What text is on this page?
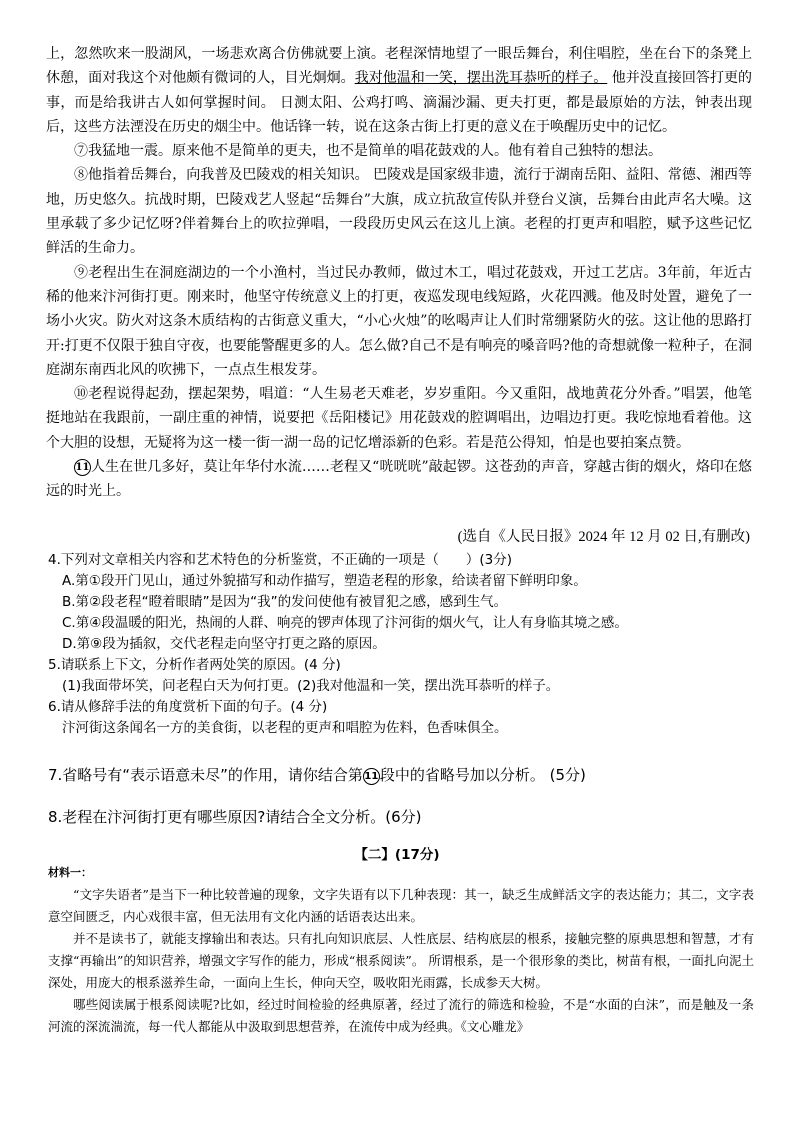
上，忽然吹来一股湖风，一场悲欢离合仿佛就要上演。老程深情地望了一眼岳舞台，利住唱腔，坐在台下的条凳上休憩，面对我这个对他颇有微词的人，目光炯炯。我对他温和一笑，摆出洗耳恭听的样子。 他并没直接回答打更的事，而是给我讲古人如何掌握时间。 日测太阳、公鸡打鸣、滴漏沙漏、更夫打更，都是最原始的方法，钟表出现后，这些方法湮没在历史的烟尘中。他话锋一转，说在这条古街上打更的意义在于唤醒历史中的记忆。

⑦我猛地一震。原来他不是简单的更夫，也不是简单的唱花鼓戏的人。他有着自己独特的想法。

⑧他指着岳舞台，向我普及巴陵戏的相关知识。 巴陵戏是国家级非遗，流行于湖南岳阳、益阳、常德、湘西等地，历史悠久。抗战时期，巴陵戏艺人竖起“岳舞台”大旗，成立抗敌宣传队并登台义演，岳舞台由此声名大噪。这里承载了多少记忆呀?伴着舞台上的吹拉弹唱，一段段历史风云在这儿上演。老程的打更声和唱腔，赋予这些记忆鲜活的生命力。

⑨老程出生在洞庭湖边的一个小渔村，当过民办教师，做过木工，唱过花鼓戏，开过工艺店。3年前，年近古稀的他来汴河街打更。刚来时，他坚守传统意义上的打更，夜巡发现电线短路，火花四溅。他及时处置，避免了一场小火灾。防火对这条木质结构的古街意义重大，“小心火烛”的吆喝声让人们时常绷紧防火的弦。这让他的思路打开:打更不仅限于独自守夜，也要能警醒更多的人。怎么做?自己不是有响亮的嗓音吗?他的奇想就像一粒种子，在洞庭湖东南西北风的吹拂下，一点点生根发芽。

⑩老程说得起劲，摆起架势，唱道：“人生易老天难老，岁岁重阳。今又重阳，战地黄花分外香。”唱罢，他笔挺地站在我跟前，一副庄重的神情，说要把《岳阳楼记》用花鼓戏的腔调唱出，边唱边打更。我吃惊地看着他。这个大胆的设想，无疑将为这一楼一街一湖一岛的记忆增添新的色彩。若是范公得知，怕是也要拍案点赞。

11 人生在世几多好，莫让年华付水流……老程又“咣咣咣”敲起锣。这苍劲的声音，穿越古街的烟火，烙印在悠远的时光上。

(选自《人民日报》2024 年 12 月 02 日,有删改)

4.下列对文章相关内容和艺术特色的分析鉴赏，不正确的一项是（　　）(3分)

A.第①段开门见山，通过外貌描写和动作描写，塑造老程的形象，给读者留下鲜明印象。

B.第②段老程“瞪着眼睛”是因为“我”的发问使他有被冒犯之感，感到生气。

C.第④段温暖的阳光，热闹的人群、响亮的锣声体现了汴河街的烟火气，让人有身临其境之感。

D.第⑨段为插叙，交代老程走向坚守打更之路的原因。

5.请联系上下文，分析作者两处笑的原因。(4 分)

(1)我面带坏笑，问老程白天为何打更。(2)我对他温和一笑，摆出洗耳恭听的样子。

6.请从修辞手法的角度赏析下面的句子。(4 分)

汴河街这条闻名一方的美食街，以老程的更声和唱腔为佐料，色香味俱全。

7.省略号有“表示语意未尽”的作用，请你结合第 11 段中的省略号加以分析。 (5分)
8.老程在汴河街打更有哪些原因?请结合全文分析。(6分)
【二】(17分)
材料一：

“文字失语者”是当下一种比较普遍的现象，文字失语有以下几种表现：其一，缺乏生成鲜活文字的表达能力；其二，文字表意空间匮乏，内心戏很丰富，但无法用有文化内涵的话语表达出来。

并不是读书了，就能支撑输出和表达。只有扎向知识底层、人性底层、结构底层的根系，接触完整的原典思想和智慧，才有支撑“再输出”的知识营养，增强文字写作的能力，形成“根系阅读”。 所谓根系，是一个很形象的类比，树苗有根，一面扎向泥土深处，用庞大的根系滋养生命，一面向上生长，伸向天空，吸收阳光雨露，长成参天大树。

哪些阅读属于根系阅读呢?比如，经过时间检验的经典原著，经过了流行的筛选和检验，不是“水面的白沫”，而是触及一条河流的深流湍流，每一代人都能从中汲取到思想营养，在流传中成为经典。《文心雕龙》
